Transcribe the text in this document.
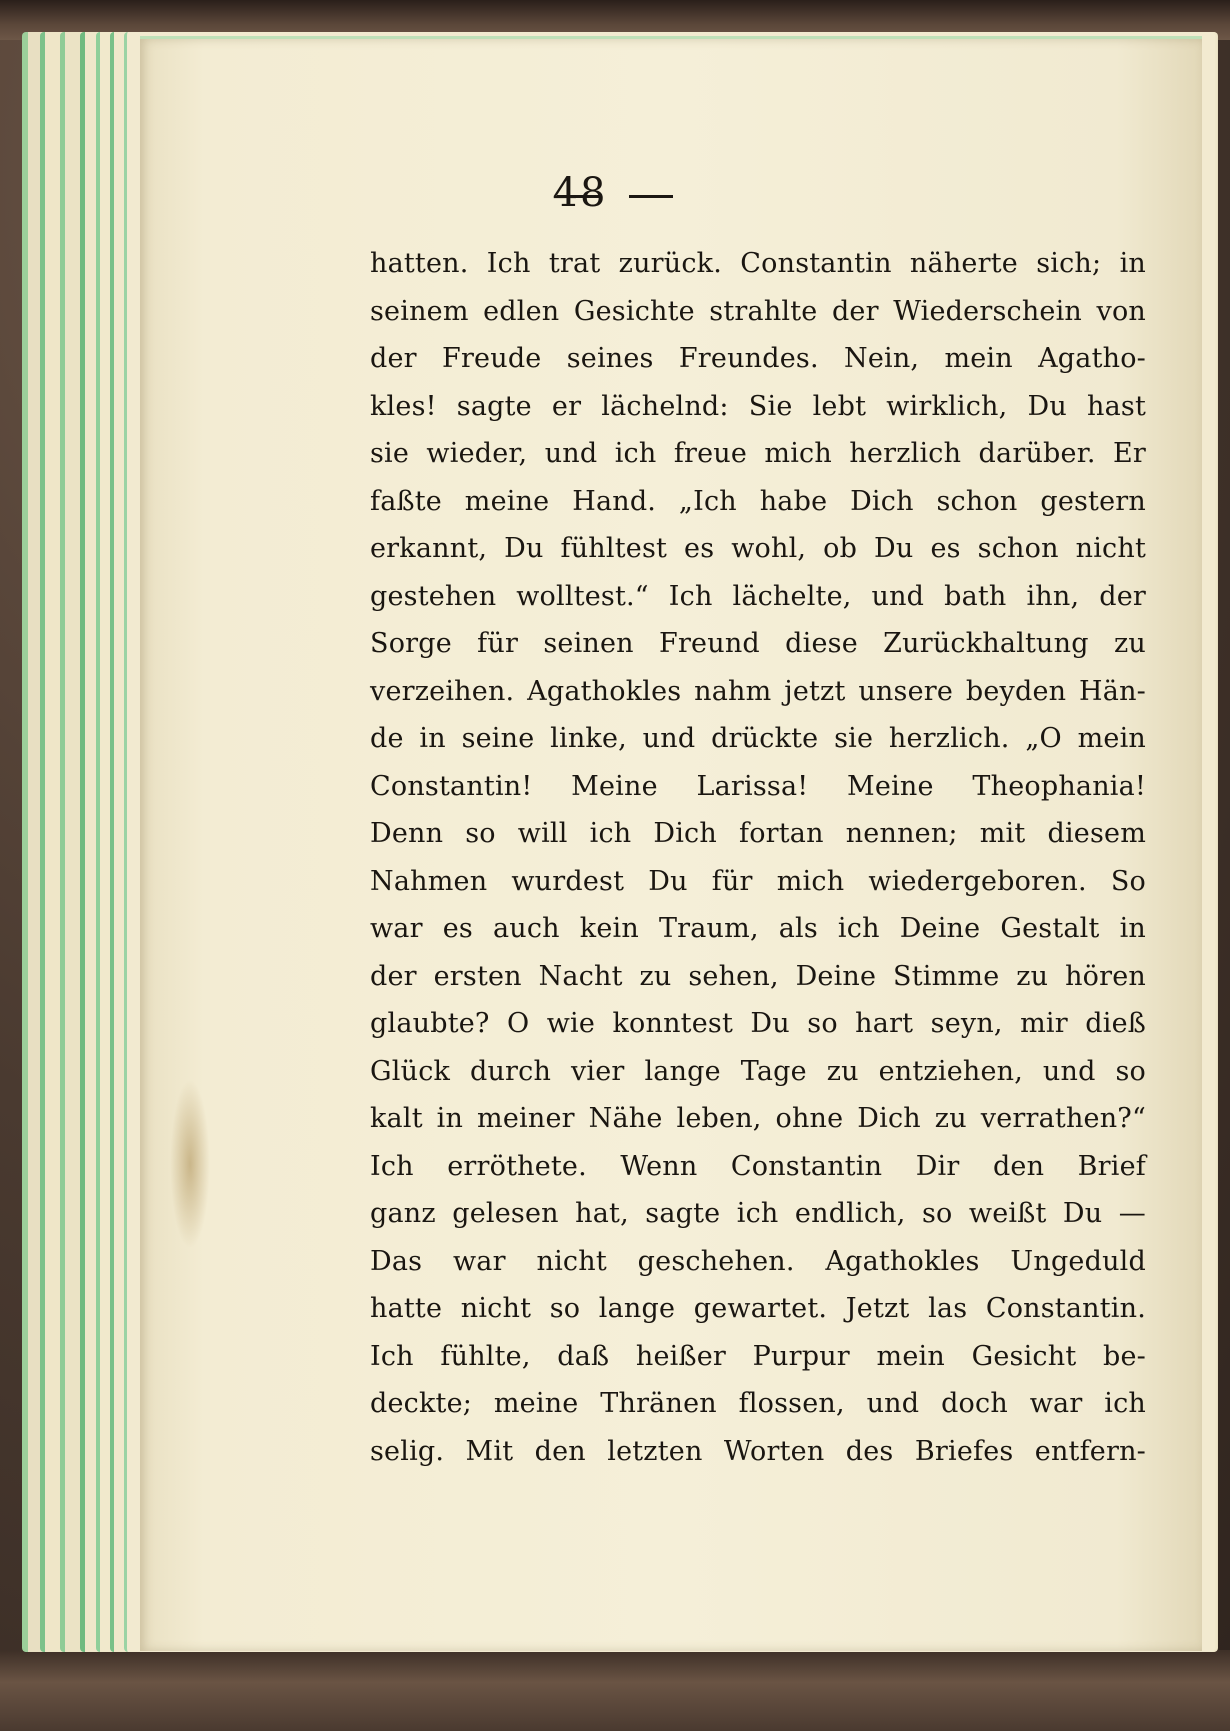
48
hatten. Ich trat zurück. Constantin näherte sich; in
seinem edlen Gesichte strahlte der Wiederschein von
der Freude seines Freundes. Nein, mein Agatho-
kles! sagte er lächelnd: Sie lebt wirklich, Du hast
sie wieder, und ich freue mich herzlich darüber. Er
faßte meine Hand. „Ich habe Dich schon gestern
erkannt, Du fühltest es wohl, ob Du es schon nicht
gestehen wolltest.“ Ich lächelte, und bath ihn, der
Sorge für seinen Freund diese Zurückhaltung zu
verzeihen. Agathokles nahm jetzt unsere beyden Hän-
de in seine linke, und drückte sie herzlich. „O mein
Constantin! Meine Larissa! Meine Theophania!
Denn so will ich Dich fortan nennen; mit diesem
Nahmen wurdest Du für mich wiedergeboren. So
war es auch kein Traum, als ich Deine Gestalt in
der ersten Nacht zu sehen, Deine Stimme zu hören
glaubte? O wie konntest Du so hart seyn, mir dieß
Glück durch vier lange Tage zu entziehen, und so
kalt in meiner Nähe leben, ohne Dich zu verrathen?“
Ich erröthete. Wenn Constantin Dir den Brief
ganz gelesen hat, sagte ich endlich, so weißt Du —
Das war nicht geschehen. Agathokles Ungeduld
hatte nicht so lange gewartet. Jetzt las Constantin.
Ich fühlte, daß heißer Purpur mein Gesicht be-
deckte; meine Thränen flossen, und doch war ich
selig. Mit den letzten Worten des Briefes entfern-
